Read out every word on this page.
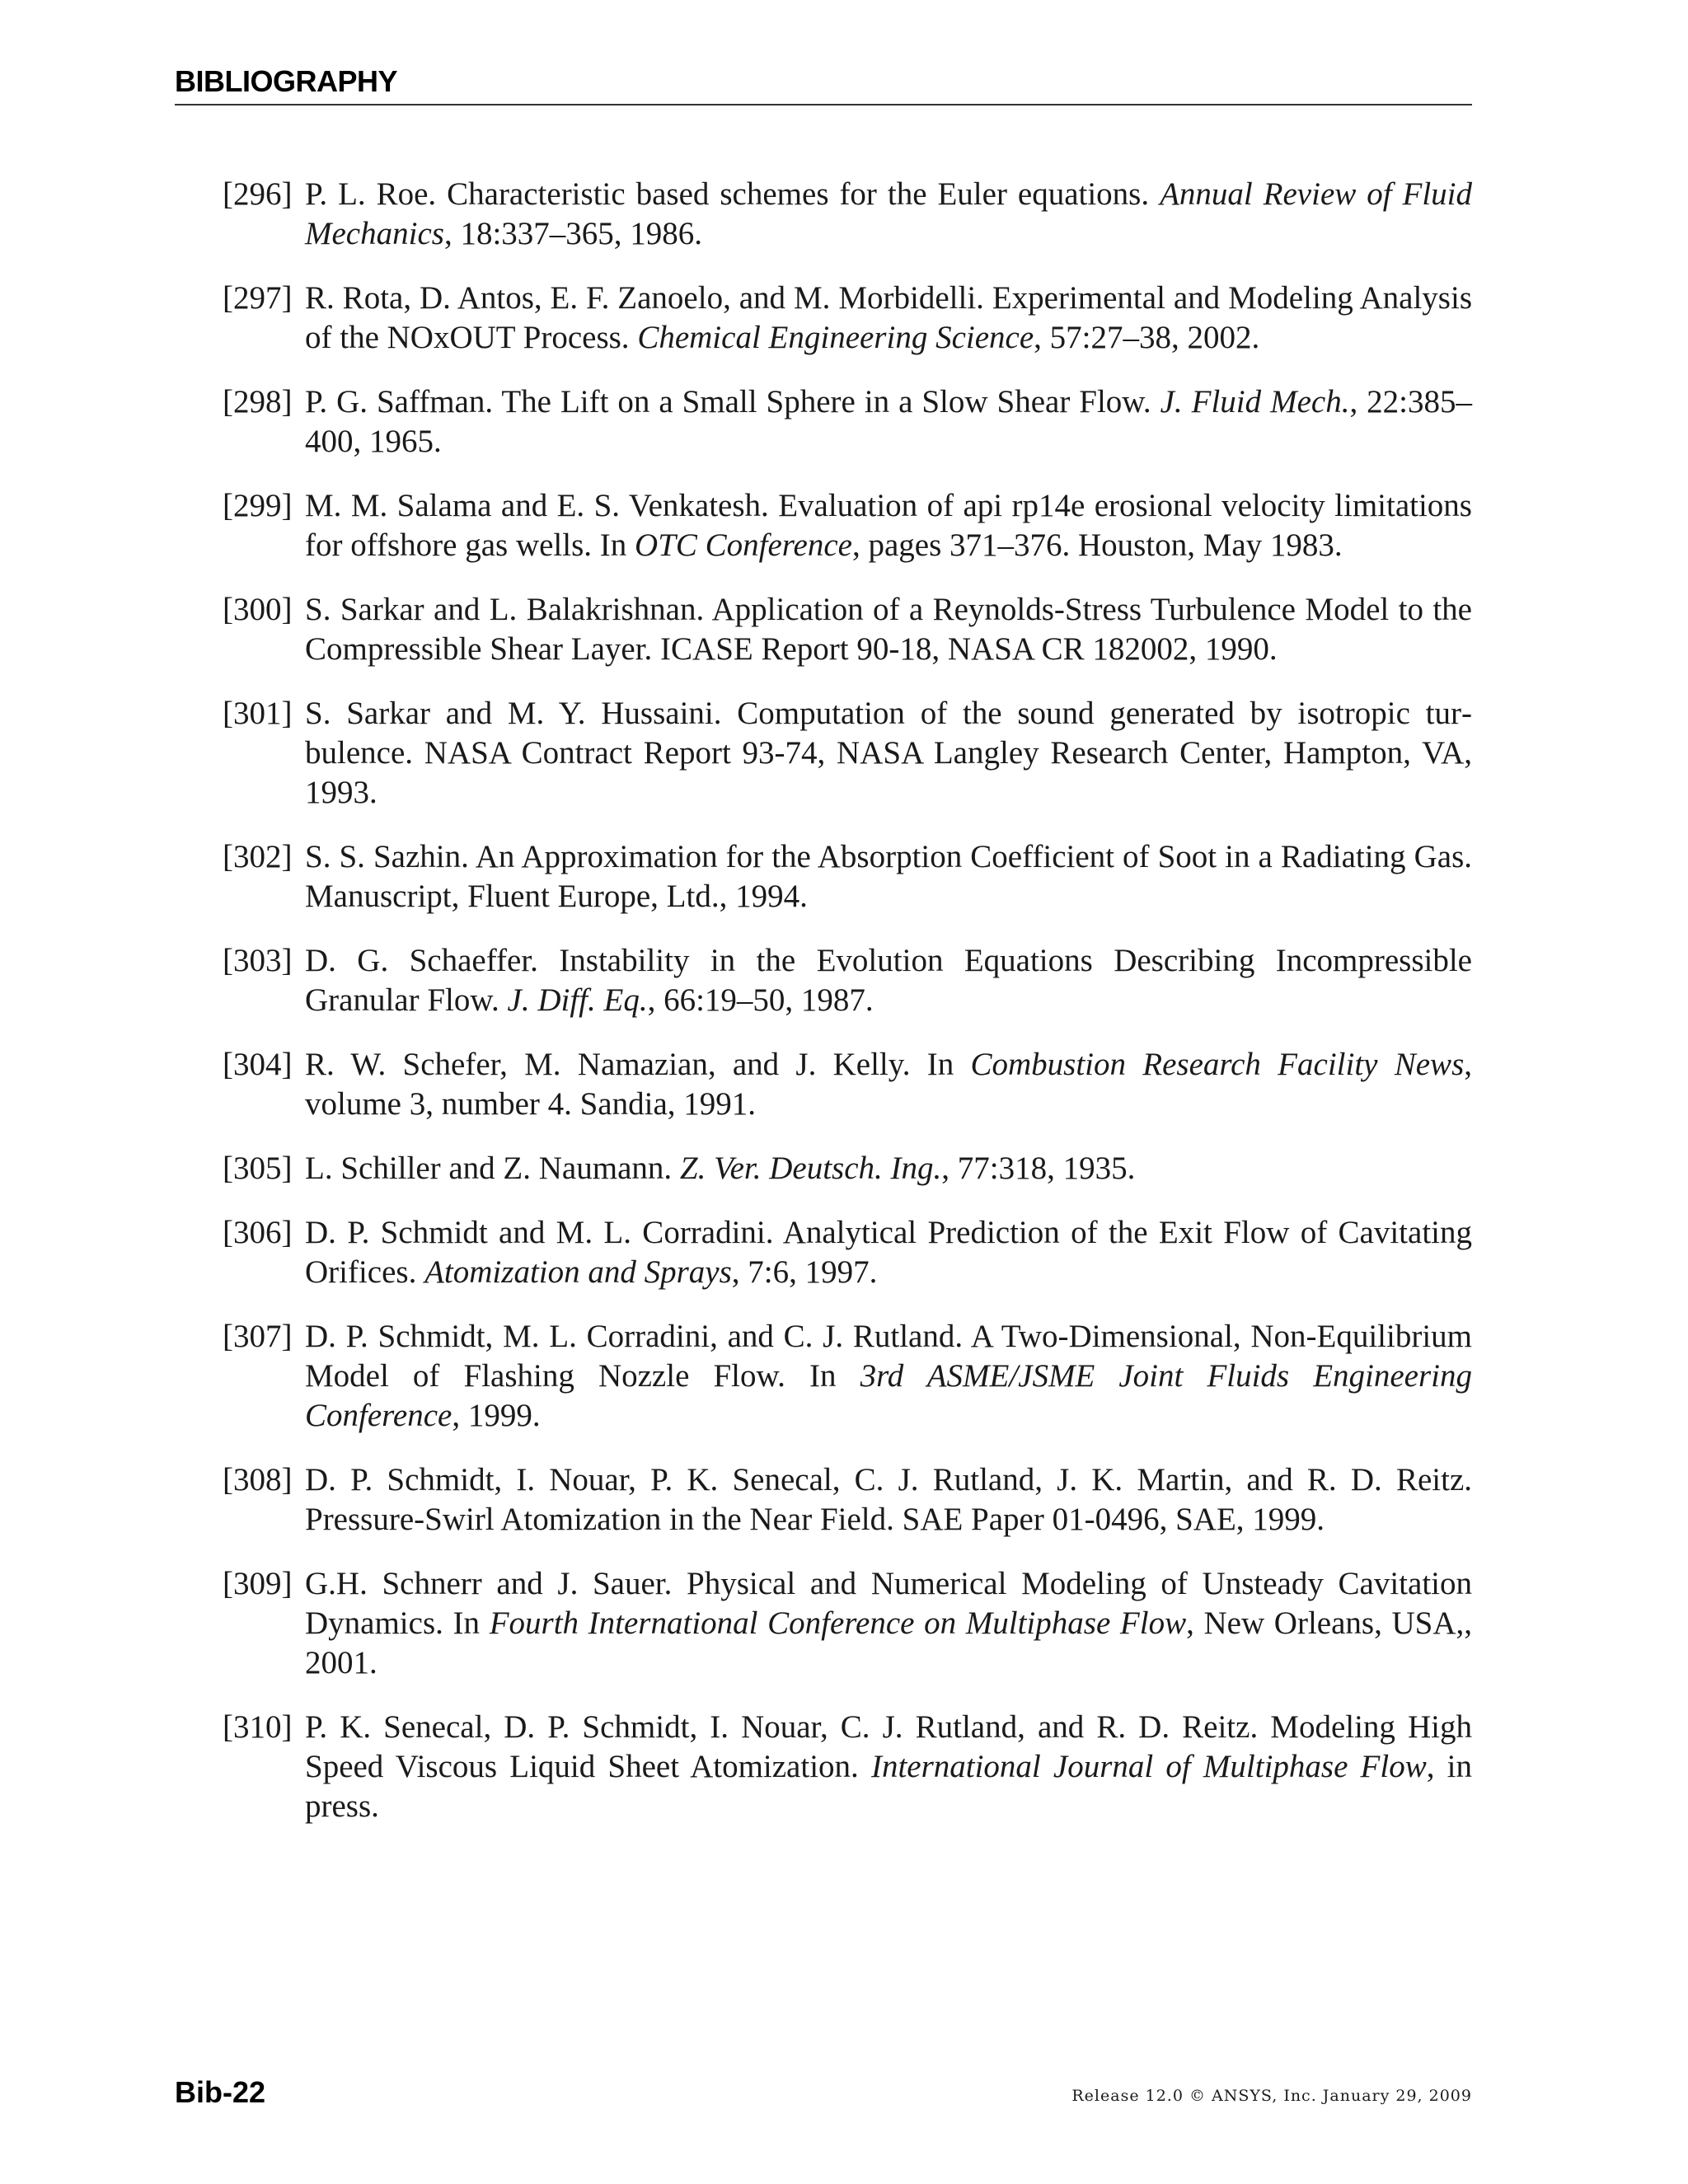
BIBLIOGRAPHY
[296] P. L. Roe. Characteristic based schemes for the Euler equations. Annual Review of Fluid Mechanics, 18:337–365, 1986.
[297] R. Rota, D. Antos, E. F. Zanoelo, and M. Morbidelli. Experimental and Modeling Analysis of the NOxOUT Process. Chemical Engineering Science, 57:27–38, 2002.
[298] P. G. Saffman. The Lift on a Small Sphere in a Slow Shear Flow. J. Fluid Mech., 22:385–400, 1965.
[299] M. M. Salama and E. S. Venkatesh. Evaluation of api rp14e erosional velocity limitations for offshore gas wells. In OTC Conference, pages 371–376. Houston, May 1983.
[300] S. Sarkar and L. Balakrishnan. Application of a Reynolds-Stress Turbulence Model to the Compressible Shear Layer. ICASE Report 90-18, NASA CR 182002, 1990.
[301] S. Sarkar and M. Y. Hussaini. Computation of the sound generated by isotropic turbulence. NASA Contract Report 93-74, NASA Langley Research Center, Hampton, VA, 1993.
[302] S. S. Sazhin. An Approximation for the Absorption Coefficient of Soot in a Radiating Gas. Manuscript, Fluent Europe, Ltd., 1994.
[303] D. G. Schaeffer. Instability in the Evolution Equations Describing Incompressible Granular Flow. J. Diff. Eq., 66:19–50, 1987.
[304] R. W. Schefer, M. Namazian, and J. Kelly. In Combustion Research Facility News, volume 3, number 4. Sandia, 1991.
[305] L. Schiller and Z. Naumann. Z. Ver. Deutsch. Ing., 77:318, 1935.
[306] D. P. Schmidt and M. L. Corradini. Analytical Prediction of the Exit Flow of Cavitating Orifices. Atomization and Sprays, 7:6, 1997.
[307] D. P. Schmidt, M. L. Corradini, and C. J. Rutland. A Two-Dimensional, Non-Equilibrium Model of Flashing Nozzle Flow. In 3rd ASME/JSME Joint Fluids Engineering Conference, 1999.
[308] D. P. Schmidt, I. Nouar, P. K. Senecal, C. J. Rutland, J. K. Martin, and R. D. Reitz. Pressure-Swirl Atomization in the Near Field. SAE Paper 01-0496, SAE, 1999.
[309] G.H. Schnerr and J. Sauer. Physical and Numerical Modeling of Unsteady Cavitation Dynamics. In Fourth International Conference on Multiphase Flow, New Orleans, USA,, 2001.
[310] P. K. Senecal, D. P. Schmidt, I. Nouar, C. J. Rutland, and R. D. Reitz. Modeling High Speed Viscous Liquid Sheet Atomization. International Journal of Multiphase Flow, in press.
Bib-22	Release 12.0 © ANSYS, Inc. January 29, 2009
